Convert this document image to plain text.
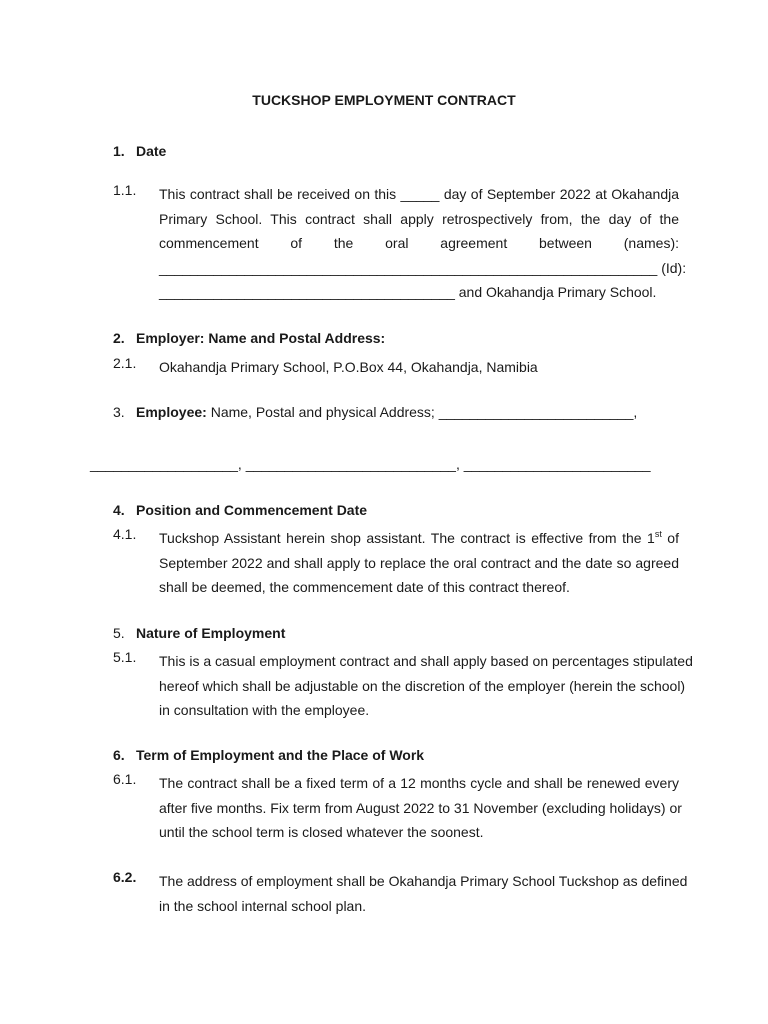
TUCKSHOP EMPLOYMENT CONTRACT
1. Date
1.1. This contract shall be received on this _____ day of September 2022 at Okahandja
Primary School. This contract shall apply retrospectively from, the day of the
commencement of the oral agreement between (names):
________________________________________________________________ (Id):
______________________________________ and Okahandja Primary School.
2. Employer: Name and Postal Address:
2.1. Okahandja Primary School, P.O.Box 44, Okahandja, Namibia
3. Employee: Name, Postal and physical Address; _________________________,
___________________, ___________________________, ________________________
4. Position and Commencement Date
4.1. Tuckshop Assistant herein shop assistant. The contract is effective from the 1st of
September 2022 and shall apply to replace the oral contract and the date so agreed
shall be deemed, the commencement date of this contract thereof.
5. Nature of Employment
5.1. This is a casual employment contract and shall apply based on percentages stipulated
hereof which shall be adjustable on the discretion of the employer (herein the school)
in consultation with the employee.
6. Term of Employment and the Place of Work
6.1. The contract shall be a fixed term of a 12 months cycle and shall be renewed every
after five months. Fix term from August 2022 to 31 November (excluding holidays) or
until the school term is closed whatever the soonest.
6.2. The address of employment shall be Okahandja Primary School Tuckshop as defined
in the school internal school plan.
